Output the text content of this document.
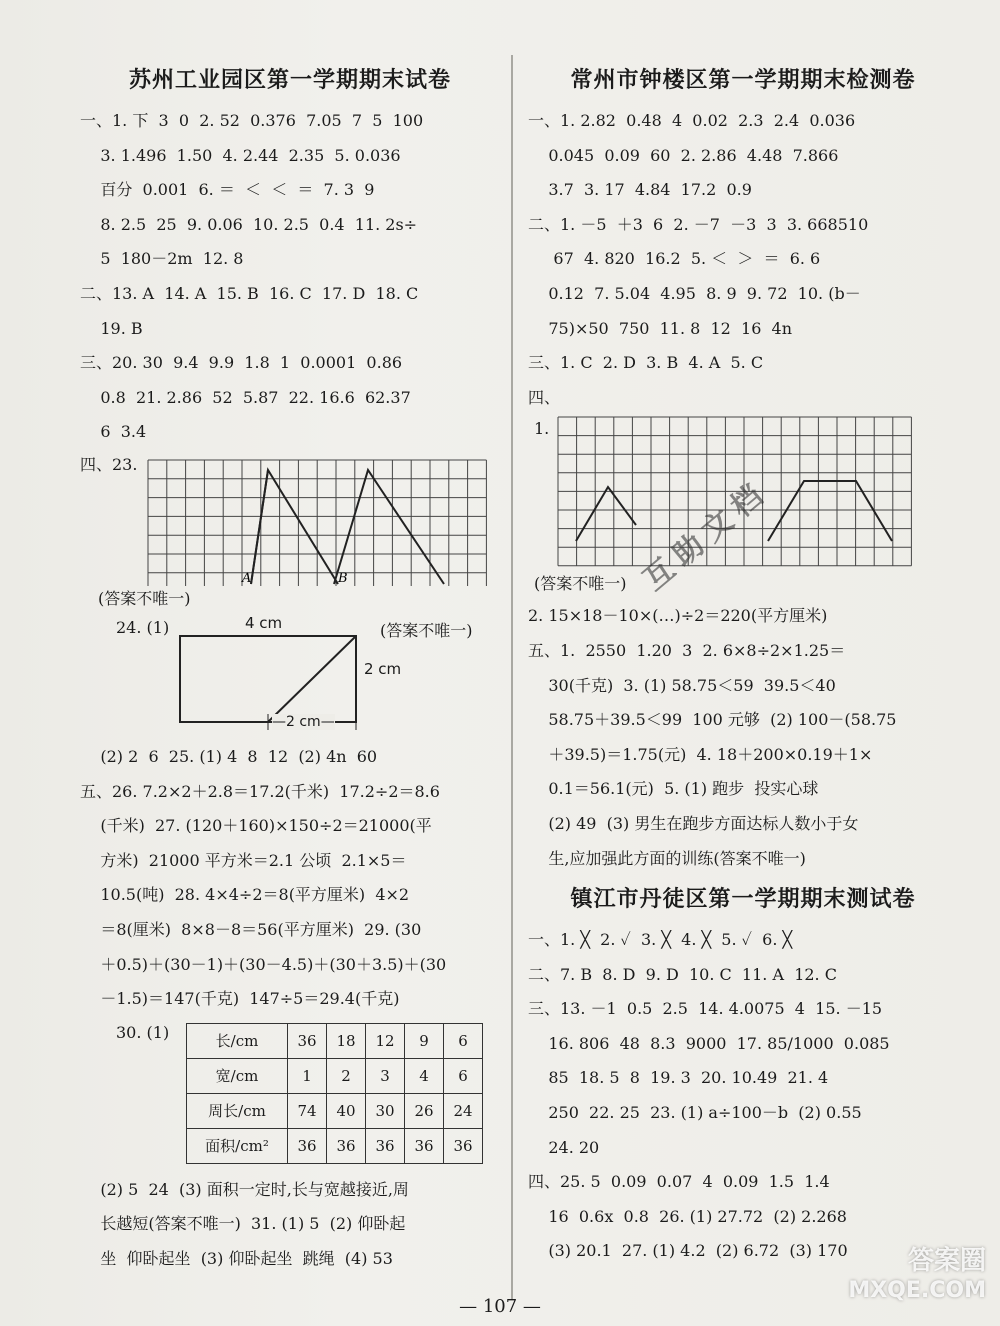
苏州工业园区第一学期期末试卷
一、1. 下  3  0  2. 52  0.376  7.05  7  5  100
3. 1.496  1.50  4. 2.44  2.35  5. 0.036
百分  0.001  6. ＝  ＜  ＜  ＝  7. 3  9
8. 2.5  25  9. 0.06  10. 2.5  0.4  11. 2s÷
5  180－2m  12. 8
二、13. A  14. A  15. B  16. C  17. D  18. C
19. B
三、20. 30  9.4  9.9  1.8  1  0.0001  0.86
0.8  21. 2.86  52  5.87  22. 16.6  62.37
6  3.4
四、23.
A	B
(答案不唯一)
24. (1)	(答案不唯一)
4 cm
2 cm
—2 cm—
(2) 2  6  25. (1) 4  8  12  (2) 4n  60
五、26. 7.2×2＋2.8＝17.2(千米)  17.2÷2＝8.6
(千米)  27. (120＋160)×150÷2＝21000(平
方米)  21000 平方米＝2.1 公顷  2.1×5＝
10.5(吨)  28. 4×4÷2＝8(平方厘米)  4×2
＝8(厘米)  8×8－8＝56(平方厘米)  29. (30
＋0.5)＋(30－1)＋(30－4.5)＋(30＋3.5)＋(30
－1.5)＝147(千克)  147÷5＝29.4(千克)
30. (1)	长/cm	36	18	12	9	6
宽/cm	1	2	3	4	6
周长/cm	74	40	30	26	24
面积/cm²	36	36	36	36	36
(2) 5  24  (3) 面积一定时,长与宽越接近,周
长越短(答案不唯一)  31. (1) 5  (2) 仰卧起
坐  仰卧起坐  (3) 仰卧起坐  跳绳  (4) 53
常州市钟楼区第一学期期末检测卷
一、1. 2.82  0.48  4  0.02  2.3  2.4  0.036
0.045  0.09  60  2. 2.86  4.48  7.866
3.7  3. 17  4.84  17.2  0.9
二、1. －5  ＋3  6  2. －7  －3  3  3. 668510
67  4. 820  16.2  5. ＜  ＞  ＝  6. 6
0.12  7. 5.04  4.95  8. 9  9. 72  10. (b－
75)×50  750  11. 8  12  16  4n
三、1. C  2. D  3. B  4. A  5. C
四、
1.
(答案不唯一) 互助文档
2. 15×18－10×(…)÷2＝220(平方厘米)
五、1.  2550  1.20  3  2. 6×8÷2×1.25＝
30(千克)  3. (1) 58.75＜59  39.5＜40
58.75＋39.5＜99  100 元够  (2) 100－(58.75
＋39.5)＝1.75(元)  4. 18＋200×0.19＋1×
0.1＝56.1(元)  5. (1) 跑步  投实心球
(2) 49  (3) 男生在跑步方面达标人数小于女
生,应加强此方面的训练(答案不唯一)
镇江市丹徒区第一学期期末测试卷
一、1. ╳  2. ✓  3. ╳  4. ╳  5. ✓  6. ╳
二、7. B  8. D  9. D  10. C  11. A  12. C
三、13. －1  0.5  2.5  14. 4.0075  4  15. －15
16. 806  48  8.3  9000  17. 85/1000  0.085
85  18. 5  8  19. 3  20. 10.49  21. 4
250  22. 25  23. (1) a÷100－b  (2) 0.55
24. 20
四、25. 5  0.09  0.07  4  0.09  1.5  1.4
16  0.6x  0.8  26. (1) 27.72  (2) 2.268
(3) 20.1  27. (1) 4.2  (2) 6.72  (3) 170
— 107 —
答案圈
MXQE.COM
